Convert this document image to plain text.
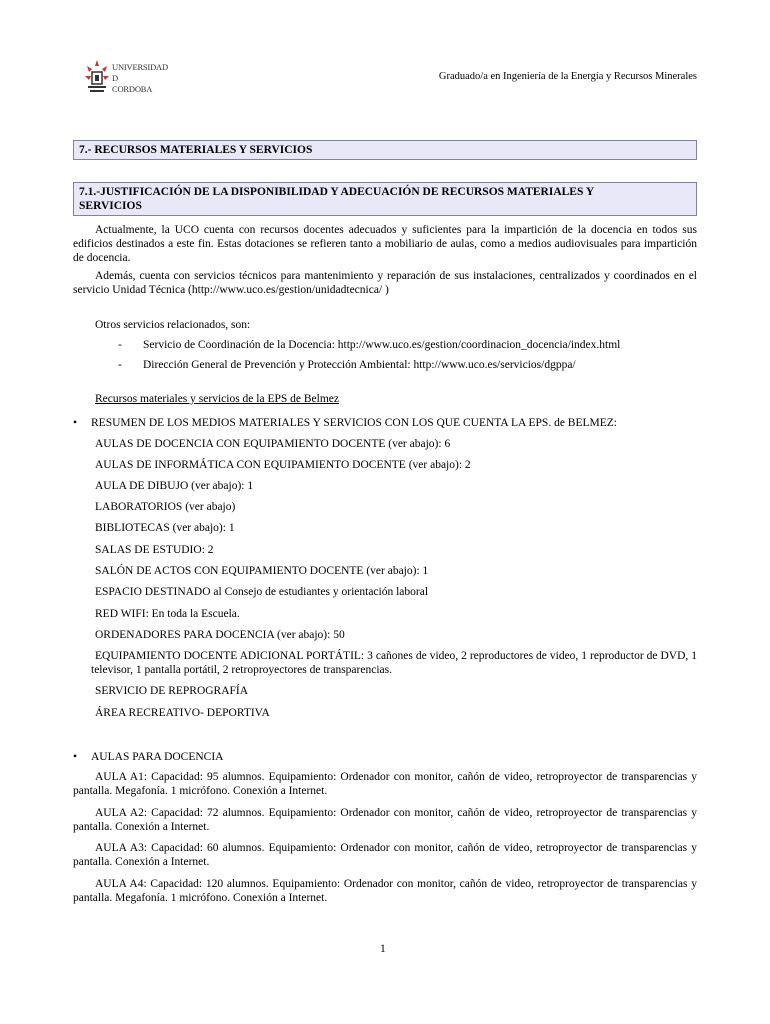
UNIVERSIDAD
D
CORDOBA
Graduado/a en Ingeniería de la Energía y Recursos Minerales
7.- RECURSOS MATERIALES Y SERVICIOS
7.1.-JUSTIFICACIÓN DE LA DISPONIBILIDAD Y ADECUACIÓN DE RECURSOS MATERIALES Y
SERVICIOS
Actualmente, la UCO cuenta con recursos docentes adecuados y suficientes para la impartición de la docencia en todos sus edificios destinados a este fin. Estas dotaciones se refieren tanto a mobiliario de aulas, como a medios audiovisuales para impartición de docencia.
Además, cuenta con servicios técnicos para mantenimiento y reparación de sus instalaciones, centralizados y coordinados en el servicio Unidad Técnica (http://www.uco.es/gestion/unidadtecnica/ )
Otros servicios relacionados, son:
- Servicio de Coordinación de la Docencia: http://www.uco.es/gestion/coordinacion_docencia/index.html
- Dirección General de Prevención y Protección Ambiental: http://www.uco.es/servicios/dgppa/
Recursos materiales y servicios de la EPS de Belmez
• RESUMEN DE LOS MEDIOS MATERIALES Y SERVICIOS CON LOS QUE CUENTA LA EPS. de BELMEZ:
AULAS DE DOCENCIA CON EQUIPAMIENTO DOCENTE (ver abajo): 6
AULAS DE INFORMÁTICA CON EQUIPAMIENTO DOCENTE (ver abajo): 2
AULA DE DIBUJO (ver abajo): 1
LABORATORIOS (ver abajo)
BIBLIOTECAS (ver abajo): 1
SALAS DE ESTUDIO: 2
SALÓN DE ACTOS CON EQUIPAMIENTO DOCENTE (ver abajo): 1
ESPACIO DESTINADO al Consejo de estudiantes y orientación laboral
RED WIFI: En toda la Escuela.
ORDENADORES PARA DOCENCIA (ver abajo): 50
EQUIPAMIENTO DOCENTE ADICIONAL PORTÁTIL: 3 cañones de video, 2 reproductores de video, 1 reproductor de DVD, 1 televisor, 1 pantalla portátil, 2 retroproyectores de transparencias.
SERVICIO DE REPROGRAFÍA
ÁREA RECREATIVO- DEPORTIVA
• AULAS PARA DOCENCIA
AULA A1: Capacidad: 95 alumnos. Equipamiento: Ordenador con monitor, cañón de video, retroproyector de transparencias y pantalla. Megafonía. 1 micrófono. Conexión a Internet.
AULA A2: Capacidad: 72 alumnos. Equipamiento: Ordenador con monitor, cañón de video, retroproyector de transparencias y pantalla. Conexión a Internet.
AULA A3: Capacidad: 60 alumnos. Equipamiento: Ordenador con monitor, cañón de video, retroproyector de transparencias y pantalla. Conexión a Internet.
AULA A4: Capacidad: 120 alumnos. Equipamiento: Ordenador con monitor, cañón de video, retroproyector de transparencias y pantalla. Megafonía. 1 micrófono. Conexión a Internet.
1
